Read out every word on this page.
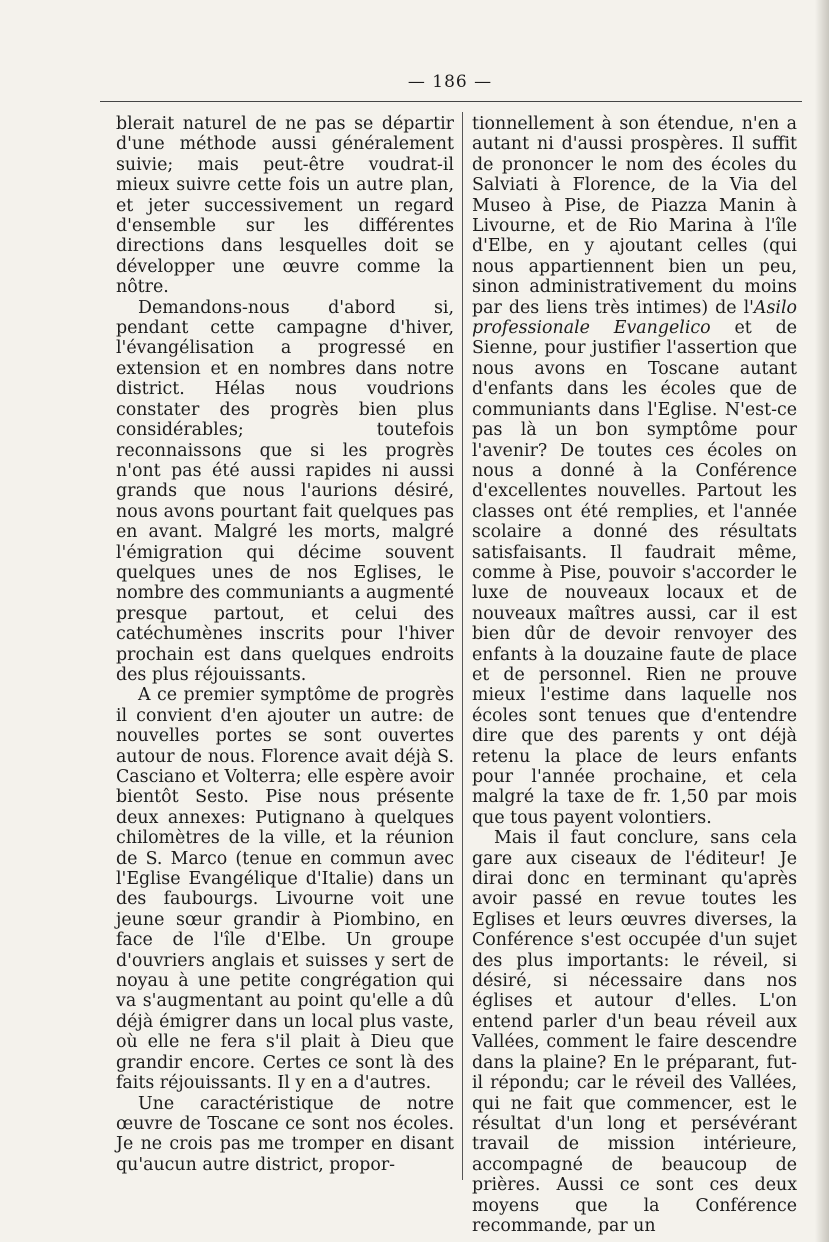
— 186 —

blerait naturel de ne pas se départir d'une méthode aussi généralement suivie; mais peut-être voudrat-il mieux suivre cette fois un autre plan, et jeter successivement un regard d'ensemble sur les différentes directions dans lesquelles doit se développer une œuvre comme la nôtre.

Demandons-nous d'abord si, pendant cette campagne d'hiver, l'évangélisation a progressé en extension et en nombres dans notre district. Hélas nous voudrions constater des progrès bien plus considérables; toutefois reconnaissons que si les progrès n'ont pas été aussi rapides ni aussi grands que nous l'aurions désiré, nous avons pourtant fait quelques pas en avant. Malgré les morts, malgré l'émigration qui décime souvent quelques unes de nos Eglises, le nombre des communiants a augmenté presque partout, et celui des catéchumènes inscrits pour l'hiver prochain est dans quelques endroits des plus réjouissants.

A ce premier symptôme de progrès il convient d'en ajouter un autre: de nouvelles portes se sont ouvertes autour de nous. Florence avait déjà S. Casciano et Volterra; elle espère avoir bientôt Sesto. Pise nous présente deux annexes: Putignano à quelques chilomètres de la ville, et la réunion de S. Marco (tenue en commun avec l'Eglise Evangélique d'Italie) dans un des faubourgs. Livourne voit une jeune sœur grandir à Piombino, en face de l'île d'Elbe. Un groupe d'ouvriers anglais et suisses y sert de noyau à une petite congrégation qui va s'augmentant au point qu'elle a dû déjà émigrer dans un local plus vaste, où elle ne fera s'il plait à Dieu que grandir encore. Certes ce sont là des faits réjouissants. Il y en a d'autres.

Une caractéristique de notre œuvre de Toscane ce sont nos écoles. Je ne crois pas me tromper en disant qu'aucun autre district, propor-

tionnellement à son étendue, n'en a autant ni d'aussi prospères. Il suffit de prononcer le nom des écoles du Salviati à Florence, de la Via del Museo à Pise, de Piazza Manin à Livourne, et de Rio Marina à l'île d'Elbe, en y ajoutant celles (qui nous appartiennent bien un peu, sinon administrativement du moins par des liens très intimes) de l'Asilo professionale Evangelico et de Sienne, pour justifier l'assertion que nous avons en Toscane autant d'enfants dans les écoles que de communiants dans l'Eglise. N'est-ce pas là un bon symptôme pour l'avenir? De toutes ces écoles on nous a donné à la Conférence d'excellentes nouvelles. Partout les classes ont été remplies, et l'année scolaire a donné des résultats satisfaisants. Il faudrait même, comme à Pise, pouvoir s'accorder le luxe de nouveaux locaux et de nouveaux maîtres aussi, car il est bien dûr de devoir renvoyer des enfants à la douzaine faute de place et de personnel. Rien ne prouve mieux l'estime dans laquelle nos écoles sont tenues que d'entendre dire que des parents y ont déjà retenu la place de leurs enfants pour l'année prochaine, et cela malgré la taxe de fr. 1,50 par mois que tous payent volontiers.

Mais il faut conclure, sans cela gare aux ciseaux de l'éditeur! Je dirai donc en terminant qu'après avoir passé en revue toutes les Eglises et leurs œuvres diverses, la Conférence s'est occupée d'un sujet des plus importants: le réveil, si désiré, si nécessaire dans nos églises et autour d'elles. L'on entend parler d'un beau réveil aux Vallées, comment le faire descendre dans la plaine? En le préparant, fut-il répondu; car le réveil des Vallées, qui ne fait que commencer, est le résultat d'un long et persévérant travail de mission intérieure, accompagné de beaucoup de prières. Aussi ce sont ces deux moyens que la Conférence recommande, par un
